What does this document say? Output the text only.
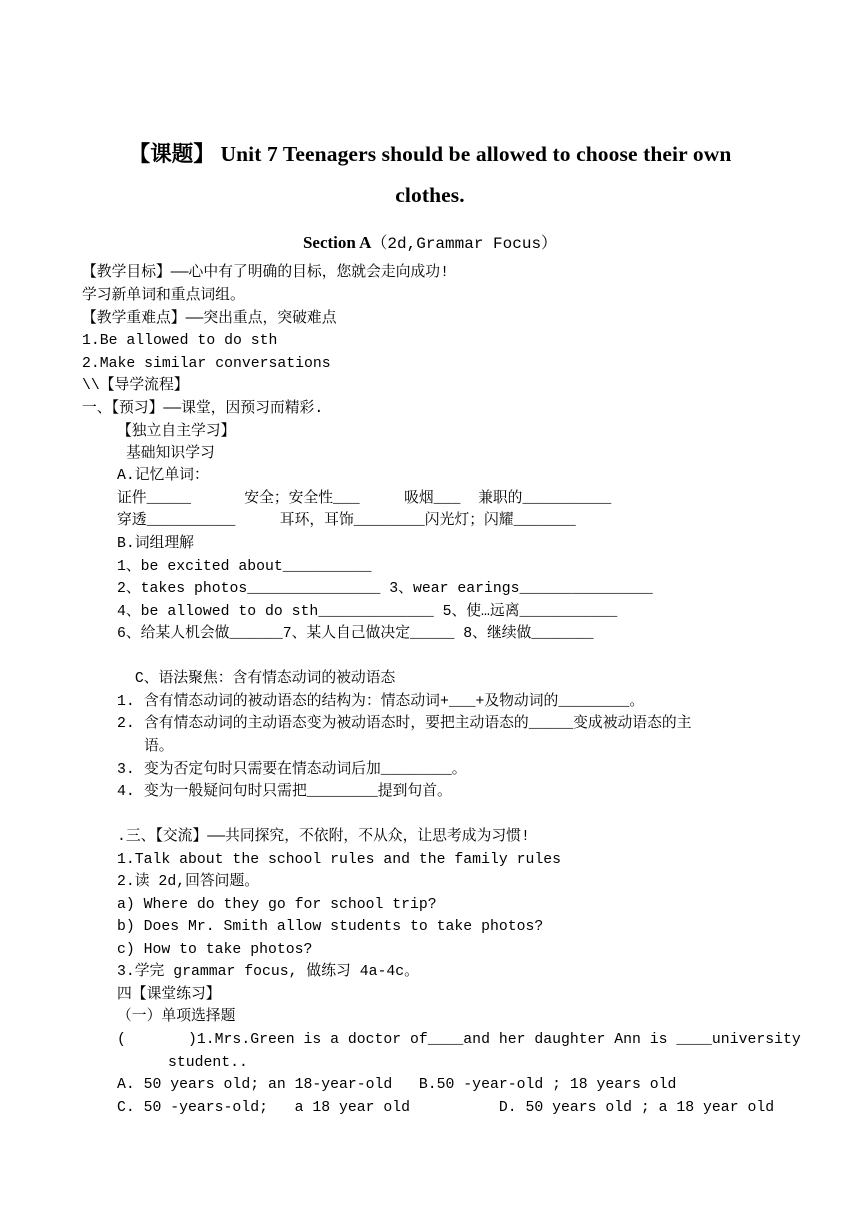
【课题】 Unit 7 Teenagers should be allowed to choose their own
clothes.
Section A（2d,Grammar Focus）
【教学目标】——心中有了明确的目标，您就会走向成功!
学习新单词和重点词组。
【教学重难点】——突出重点，突破难点
1.Be allowed to do sth
2.Make similar conversations
\\【导学流程】
一、【预习】——课堂，因预习而精彩.
【独立自主学习】
基础知识学习
A.记忆单词：
证件_____      安全；安全性___     吸烟___  兼职的__________
穿透__________     耳环，耳饰________闪光灯；闪耀_______
B.词组理解
1、be excited about__________
2、takes photos_______________ 3、wear earings_______________
4、be allowed to do sth_____________ 5、使…远离___________
6、给某人机会做______7、某人自己做决定_____ 8、继续做_______
C、语法聚焦：含有情态动词的被动语态
1. 含有情态动词的被动语态的结构为：情态动词+___+及物动词的________。
2. 含有情态动词的主动语态变为被动语态时，要把主动语态的_____变成被动语态的主
语。
3. 变为否定句时只需要在情态动词后加________。
4. 变为一般疑问句时只需把________提到句首。
.三、【交流】——共同探究，不依附，不从众，让思考成为习惯!
1.Talk about the school rules and the family rules
2.读 2d,回答问题。
a) Where do they go for school trip?
b) Does Mr. Smith allow students to take photos?
c) How to take photos?
3.学完 grammar focus, 做练习 4a-4c。
四【课堂练习】
（一）单项选择题
(       )1.Mrs.Green is a doctor of____and her daughter Ann is ____university
student..
A. 50 years old; an 18-year-old   B.50 -year-old ; 18 years old
C. 50 -years-old;   a 18 year old          D. 50 years old ; a 18 year old
